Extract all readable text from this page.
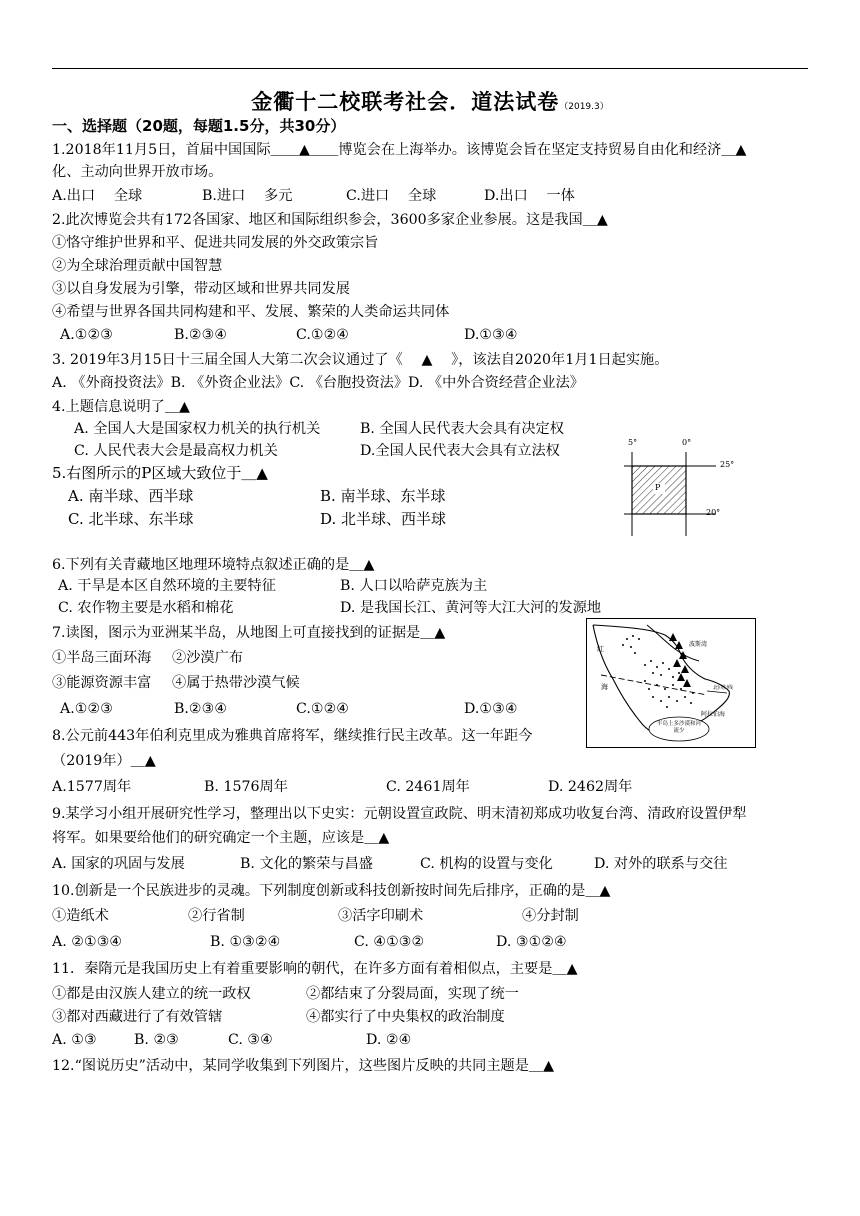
金衢十二校联考社会．道法试卷（2019.3）
一、选择题（20题，每题1.5分，共30分）
1.2018年11月5日，首届中国国际＿＿▲＿＿博览会在上海举办。该博览会旨在坚定支持贸易自由化和经济＿▲
化、主动向世界开放市场。
A.出口　 全球	B.进口　 多元	C.进口　 全球	D.出口　 一体
2.此次博览会共有172各国家、地区和国际组织参会，3600多家企业参展。这是我国＿▲
①恪守维护世界和平、促进共同发展的外交政策宗旨
②为全球治理贡献中国智慧
③以自身发展为引擎，带动区域和世界共同发展
④希望与世界各国共同构建和平、发展、繁荣的人类命运共同体
A.①②③	B.②③④	C.①②④	D.①③④
3. 2019年3月15日十三届全国人大第二次会议通过了《 　▲ 　》，该法自2020年1月1日起实施。
A. 《外商投资法》B. 《外资企业法》C. 《台胞投资法》D. 《中外合资经营企业法》
4.上题信息说明了＿▲
A. 全国人大是国家权力机关的执行机关	B. 全国人民代表大会具有决定权
C. 人民代表大会是最高权力机关	D.全国人民代表大会具有立法权
5.右图所示的P区域大致位于＿▲
A. 南半球、西半球	B. 南半球、东半球
C. 北半球、东半球	D. 北半球、西半球
5°	0°
25°
20°
P
6.下列有关青藏地区地理环境特点叙述正确的是＿▲
A. 干旱是本区自然环境的主要特征	B. 人口以哈萨克族为主
C. 农作物主要是水稻和棉花	D. 是我国长江、黄河等大江大河的发源地
7.读图，图示为亚洲某半岛，从地图上可直接找到的证据是＿▲
①半岛三面环海 ②沙漠广布
③能源资源丰富 ④属于热带沙漠气候
A.①②③	B.②③④	C.①②④	D.①③④
波斯湾
红
海	北回归线
阿拉伯海
半岛上多沙漠和河流少
8.公元前443年伯利克里成为雅典首席将军，继续推行民主改革。这一年距今
（2019年）＿▲
A.1577周年	B. 1576周年	C. 2461周年	D. 2462周年
9.某学习小组开展研究性学习，整理出以下史实：元朝设置宣政院、明末清初郑成功收复台湾、清政府设置伊犁
将军。如果要给他们的研究确定一个主题，应该是＿▲
A. 国家的巩固与发展	B. 文化的繁荣与昌盛	C. 机构的设置与变化	D. 对外的联系与交往
10.创新是一个民族进步的灵魂。下列制度创新或科技创新按时间先后排序，正确的是＿▲
①造纸术	②行省制	③活字印刷术	④分封制
A. ②①③④	B. ①③②④	C. ④①③②	D. ③①②④
11．秦隋元是我国历史上有着重要影响的朝代，在许多方面有着相似点，主要是＿▲
①都是由汉族人建立的统一政权	②都结束了分裂局面，实现了统一
③都对西藏进行了有效管辖	④都实行了中央集权的政治制度
A. ①③	B. ②③	C. ③④	D. ②④
12.“图说历史”活动中，某同学收集到下列图片，这些图片反映的共同主题是＿▲
